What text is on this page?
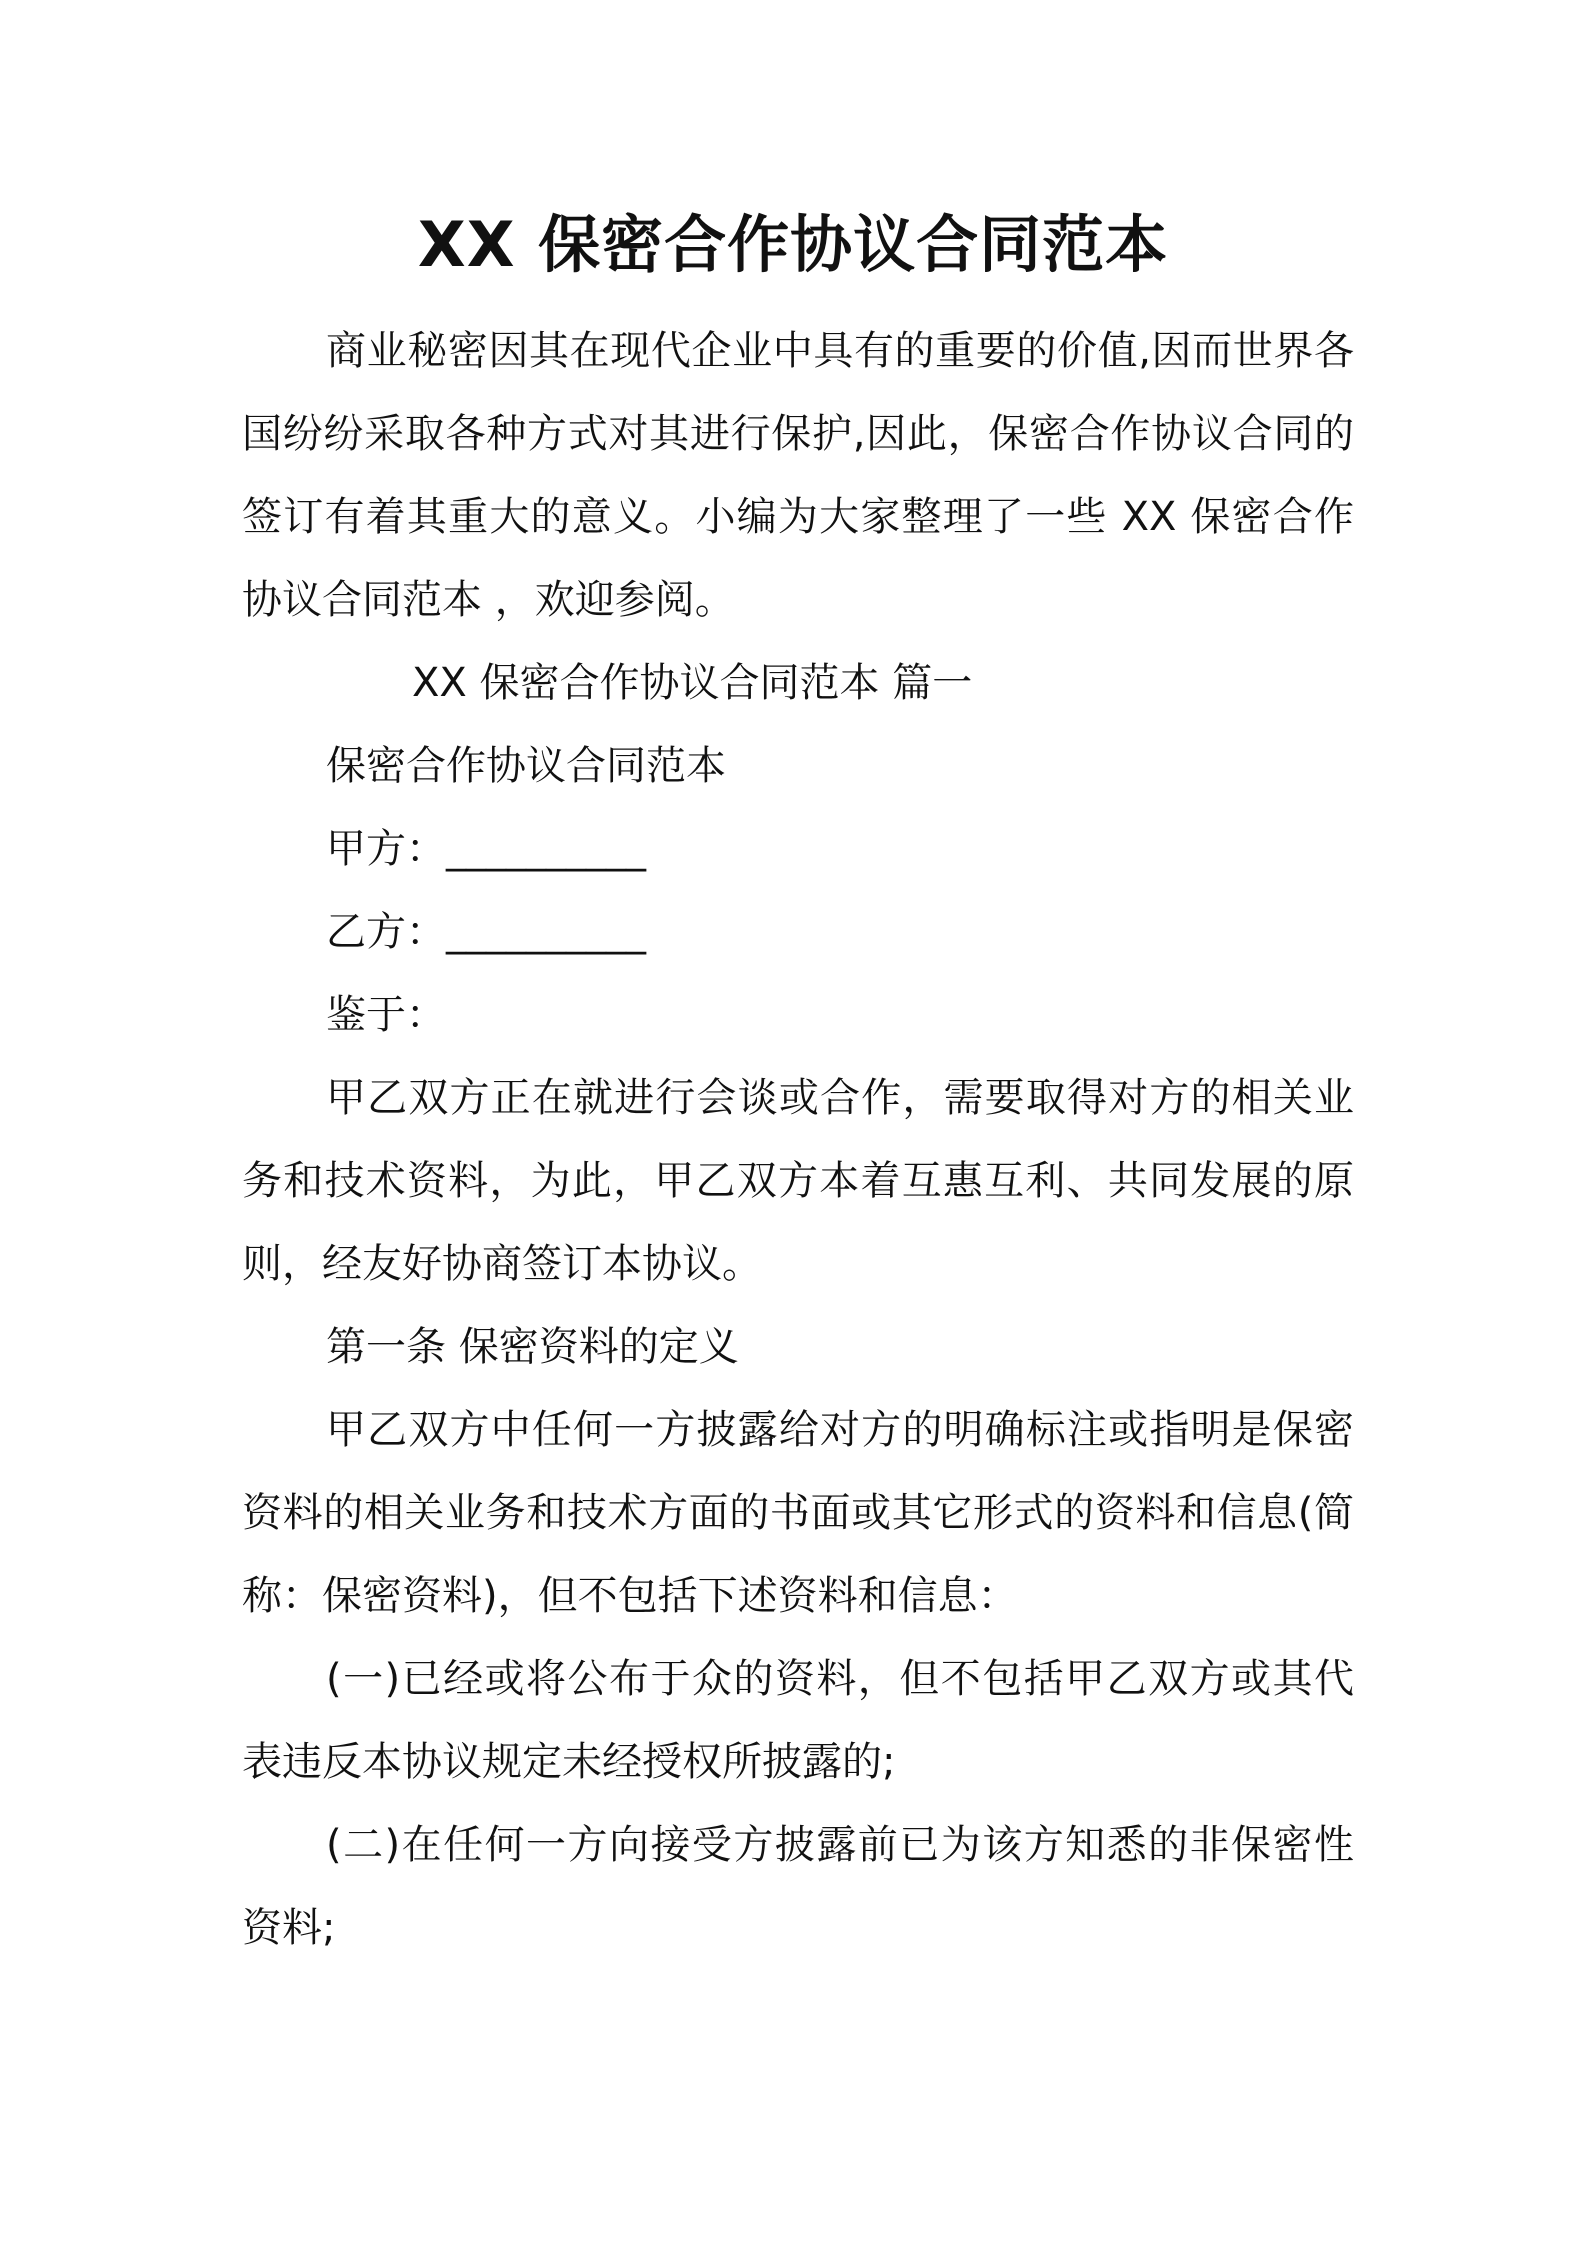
XX 保密合作协议合同范本

商业秘密因其在现代企业中具有的重要的价值,因而世界各国纷纷采取各种方式对其进行保护,因此，保密合作协议合同的签订有着其重大的意义。小编为大家整理了一些 XX 保密合作协议合同范本 ，欢迎参阅。

XX 保密合作协议合同范本 篇一

保密合作协议合同范本

甲方：__________

乙方：__________

鉴于：

甲乙双方正在就进行会谈或合作，需要取得对方的相关业务和技术资料，为此，甲乙双方本着互惠互利、共同发展的原则，经友好协商签订本协议。

第一条 保密资料的定义

甲乙双方中任何一方披露给对方的明确标注或指明是保密资料的相关业务和技术方面的书面或其它形式的资料和信息(简称：保密资料)，但不包括下述资料和信息：

(一)已经或将公布于众的资料，但不包括甲乙双方或其代表违反本协议规定未经授权所披露的;

(二)在任何一方向接受方披露前已为该方知悉的非保密性资料;
